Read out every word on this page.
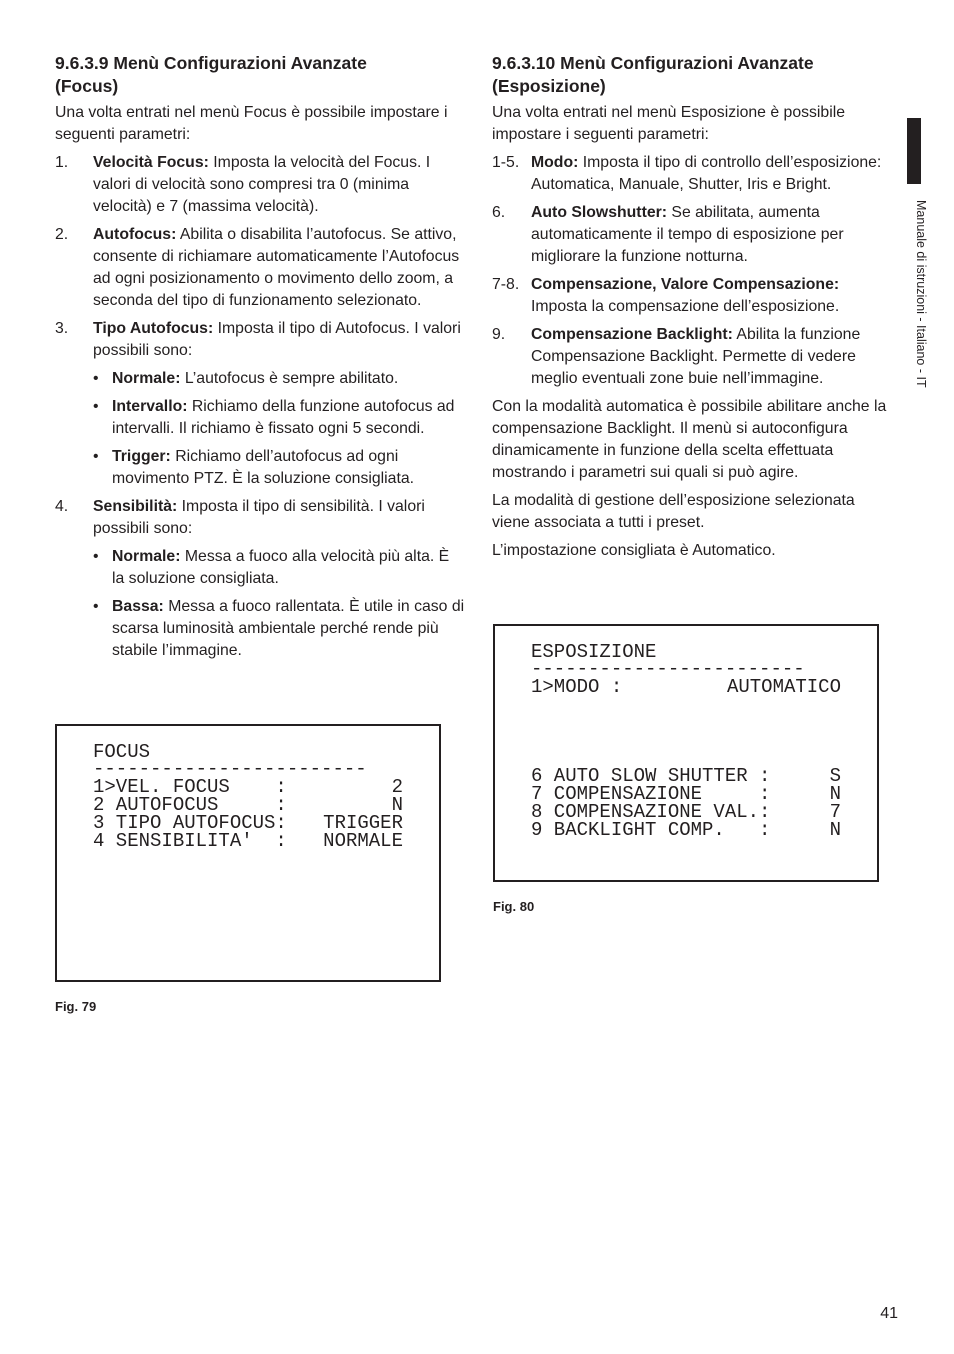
9.6.3.9 Menù Configurazioni Avanzate
(Focus)

Una volta entrati nel menù Focus è possibile impostare i seguenti parametri:

1. Velocità Focus: Imposta la velocità del Focus. I valori di velocità sono compresi tra 0 (minima velocità) e 7 (massima velocità).
2. Autofocus: Abilita o disabilita l’autofocus. Se attivo, consente di richiamare automaticamente l’Autofocus ad ogni posizionamento o movimento dello zoom, a seconda del tipo di funzionamento selezionato.
3. Tipo Autofocus: Imposta il tipo di Autofocus. I valori possibili sono:
• Normale: L’autofocus è sempre abilitato.
• Intervallo: Richiamo della funzione autofocus ad intervalli. Il richiamo è fissato ogni 5 secondi.
• Trigger: Richiamo dell’autofocus ad ogni movimento PTZ. È la soluzione consigliata.
4. Sensibilità: Imposta il tipo di sensibilità. I valori possibili sono:
• Normale: Messa a fuoco alla velocità più alta. È la soluzione consigliata.
• Bassa: Messa a fuoco rallentata. È utile in caso di scarsa luminosità ambientale perché rende più stabile l’immagine.
9.6.3.10 Menù Configurazioni Avanzate
(Esposizione)

Una volta entrati nel menù Esposizione è possibile impostare i seguenti parametri:

1-5. Modo: Imposta il tipo di controllo dell’esposizione: Automatica, Manuale, Shutter, Iris e Bright.
6. Auto Slowshutter: Se abilitata, aumenta automaticamente il tempo di esposizione per migliorare la funzione notturna.
7-8. Compensazione, Valore Compensazione: Imposta la compensazione dell’esposizione.
9. Compensazione Backlight: Abilita la funzione Compensazione Backlight. Permette di vedere meglio eventuali zone buie nell’immagine.

Con la modalità automatica è possibile abilitare anche la compensazione Backlight. Il menù si autoconfigura dinamicamente in funzione della scelta effettuata mostrando i parametri sui quali si può agire.

La modalità di gestione dell’esposizione selezionata viene associata a tutti i preset.

L’impostazione consigliata è Automatico.

FOCUS
------------------------
1>VEL. FOCUS    :	2
2 AUTOFOCUS     :	N
3 TIPO AUTOFOCUS: TRIGGER
4 SENSIBILITA'  : NORMALE
Fig. 79
ESPOSIZIONE
------------------------
1>MODO :	AUTOMATICO
6 AUTO SLOW SHUTTER :	S
7 COMPENSAZIONE     :	N
8 COMPENSAZIONE VAL.:	7
9 BACKLIGHT COMP.   :	N
Fig. 80
Manuale di istruzioni - Italiano - IT
41
